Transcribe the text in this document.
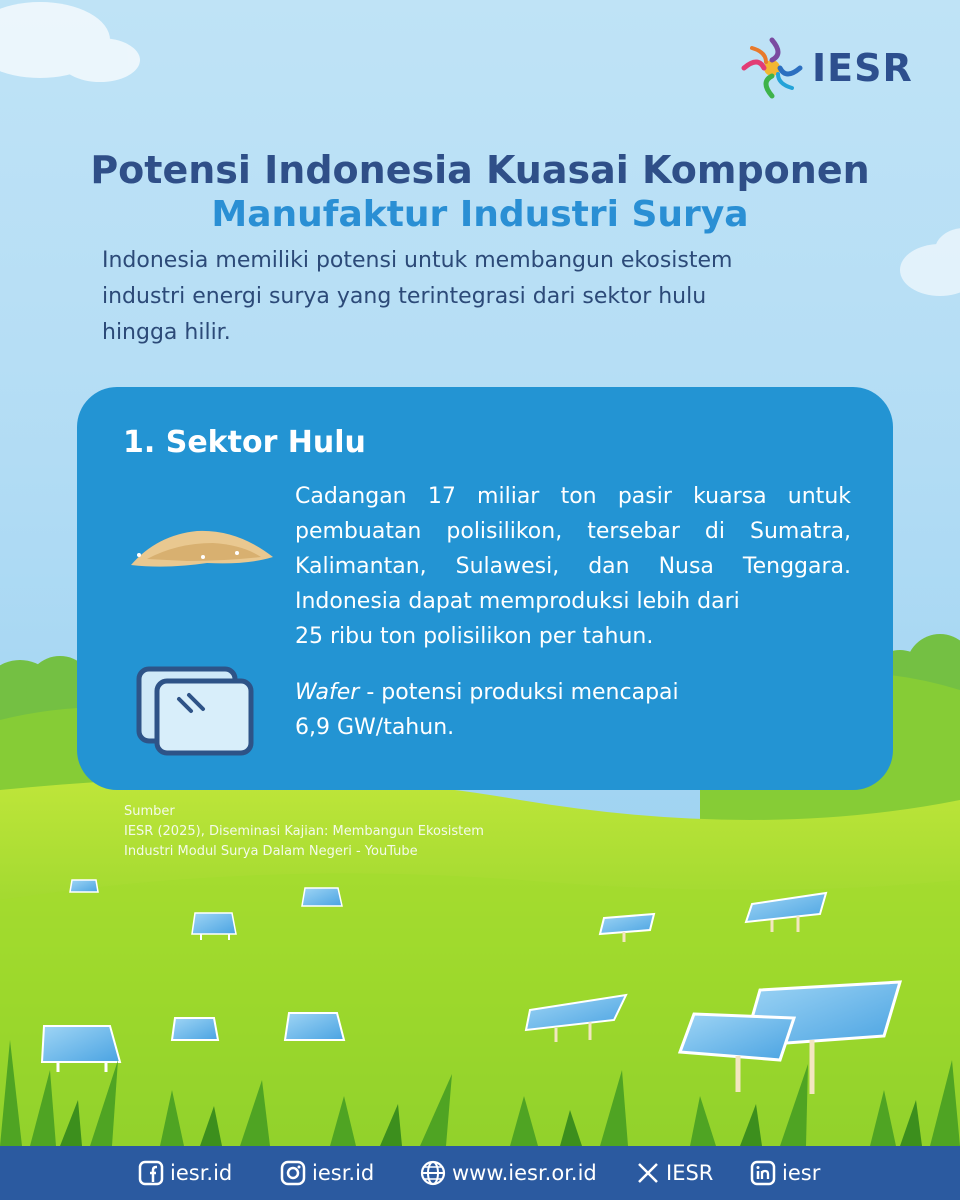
IESR
Potensi Indonesia Kuasai Komponen
Manufaktur Industri Surya
Indonesia memiliki potensi untuk membangun ekosistem
industri energi surya yang terintegrasi dari sektor hulu
hingga hilir.
1. Sektor Hulu
Cadangan 17 miliar ton pasir kuarsa untuk
pembuatan polisilikon, tersebar di Sumatra,
Kalimantan, Sulawesi, dan Nusa Tenggara.
Indonesia dapat memproduksi lebih dari
25 ribu ton polisilikon per tahun.
Wafer - potensi produksi mencapai
6,9 GW/tahun.
Sumber
IESR (2025), Diseminasi Kajian: Membangun Ekosistem
Industri Modul Surya Dalam Negeri - YouTube
iesr.id	iesr.id	www.iesr.or.id	IESR	iesr
